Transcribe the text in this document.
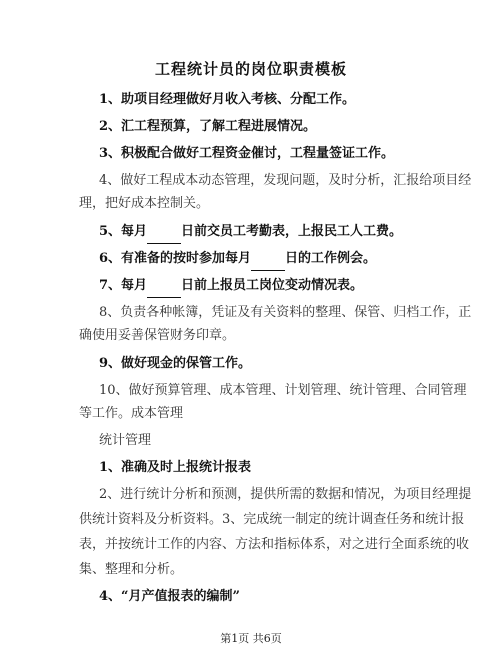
工程统计员的岗位职责模板
1、助项目经理做好月收入考核、分配工作。
2、汇工程预算，了解工程进展情况。
3、积极配合做好工程资金催讨，工程量签证工作。
4、做好工程成本动态管理，发现问题，及时分析，汇报给项目经
理，把好成本控制关。
5、每月	日前交员工考勤表，上报民工人工费。
6、有准备的按时参加每月	日的工作例会。
7、每月	日前上报员工岗位变动情况表。
8、负责各种帐簿，凭证及有关资料的整理、保管、归档工作，正
确使用妥善保管财务印章。
9、做好现金的保管工作。
10、做好预算管理、成本管理、计划管理、统计管理、合同管理
等工作。成本管理
统计管理
1、准确及时上报统计报表
2、进行统计分析和预测，提供所需的数据和情况，为项目经理提
供统计资料及分析资料。3、完成统一制定的统计调查任务和统计报
表，并按统计工作的内容、方法和指标体系，对之进行全面系统的收
集、整理和分析。
4、“月产值报表的编制”
第1页 共6页
